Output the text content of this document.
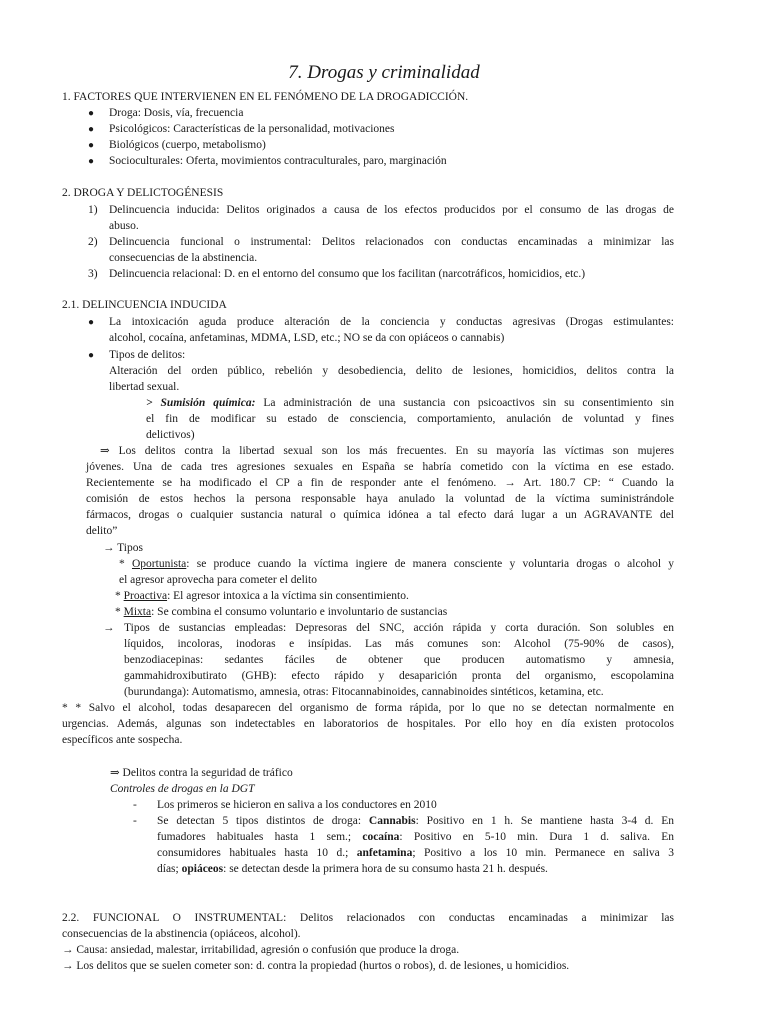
7. Drogas y criminalidad
1. FACTORES QUE INTERVIENEN EN EL FENÓMENO DE LA DROGADICCIÓN.
● Droga: Dosis, vía, frecuencia
● Psicológicos: Características de la personalidad, motivaciones
● Biológicos (cuerpo, metabolismo)
● Socioculturales: Oferta, movimientos contraculturales, paro, marginación
2. DROGA Y DELICTOGÉNESIS
1) Delincuencia inducida: Delitos originados a causa de los efectos producidos por el consumo de las drogas de
abuso.
2) Delincuencia funcional o instrumental: Delitos relacionados con conductas encaminadas a minimizar las
consecuencias de la abstinencia.
3) Delincuencia relacional: D. en el entorno del consumo que los facilitan (narcotráficos, homicidios, etc.)
2.1. DELINCUENCIA INDUCIDA
● La intoxicación aguda produce alteración de la conciencia y conductas agresivas (Drogas estimulantes:
alcohol, cocaína, anfetaminas, MDMA, LSD, etc.; NO se da con opiáceos o cannabis)
● Tipos de delitos:
Alteración del orden público, rebelión y desobediencia, delito de lesiones, homicidios, delitos contra la
libertad sexual.
> Sumisión química: La administración de una sustancia con psicoactivos sin su consentimiento sin
el fin de modificar su estado de consciencia, comportamiento, anulación de voluntad y fines
delictivos)
⇒ Los delitos contra la libertad sexual son los más frecuentes. En su mayoría las víctimas son mujeres
jóvenes. Una de cada tres agresiones sexuales en España se habría cometido con la víctima en ese estado.
Recientemente se ha modificado el CP a fin de responder ante el fenómeno. → Art. 180.7 CP: “ Cuando la
comisión de estos hechos la persona responsable haya anulado la voluntad de la víctima suministrándole
fármacos, drogas o cualquier sustancia natural o química idónea a tal efecto dará lugar a un AGRAVANTE del
delito”
→ Tipos
* Oportunista: se produce cuando la víctima ingiere de manera consciente y voluntaria drogas o alcohol y
el agresor aprovecha para cometer el delito
* Proactiva: El agresor intoxica a la víctima sin consentimiento.
* Mixta: Se combina el consumo voluntario e involuntario de sustancias
→ Tipos de sustancias empleadas: Depresoras del SNC, acción rápida y corta duración. Son solubles en
líquidos, incoloras, inodoras e insípidas. Las más comunes son: Alcohol (75-90% de casos),
benzodiacepinas: sedantes fáciles de obtener que producen automatismo y amnesia,
gammahidroxibutirato (GHB): efecto rápido y desaparición pronta del organismo, escopolamina
(burundanga): Automatismo, amnesia, otras: Fitocannabinoides, cannabinoides sintéticos, ketamina, etc.
* * Salvo el alcohol, todas desaparecen del organismo de forma rápida, por lo que no se detectan normalmente en
urgencias. Además, algunas son indetectables en laboratorios de hospitales. Por ello hoy en día existen protocolos
específicos ante sospecha.
⇒ Delitos contra la seguridad de tráfico
Controles de drogas en la DGT
- Los primeros se hicieron en saliva a los conductores en 2010
- Se detectan 5 tipos distintos de droga: Cannabis: Positivo en 1 h. Se mantiene hasta 3-4 d. En
fumadores habituales hasta 1 sem.; cocaína: Positivo en 5-10 min. Dura 1 d. saliva. En
consumidores habituales hasta 10 d.; anfetamina; Positivo a los 10 min. Permanece en saliva 3
días; opiáceos: se detectan desde la primera hora de su consumo hasta 21 h. después.
2.2. FUNCIONAL O INSTRUMENTAL: Delitos relacionados con conductas encaminadas a minimizar las
consecuencias de la abstinencia (opiáceos, alcohol).
→ Causa: ansiedad, malestar, irritabilidad, agresión o confusión que produce la droga.
→ Los delitos que se suelen cometer son: d. contra la propiedad (hurtos o robos), d. de lesiones, u homicidios.
